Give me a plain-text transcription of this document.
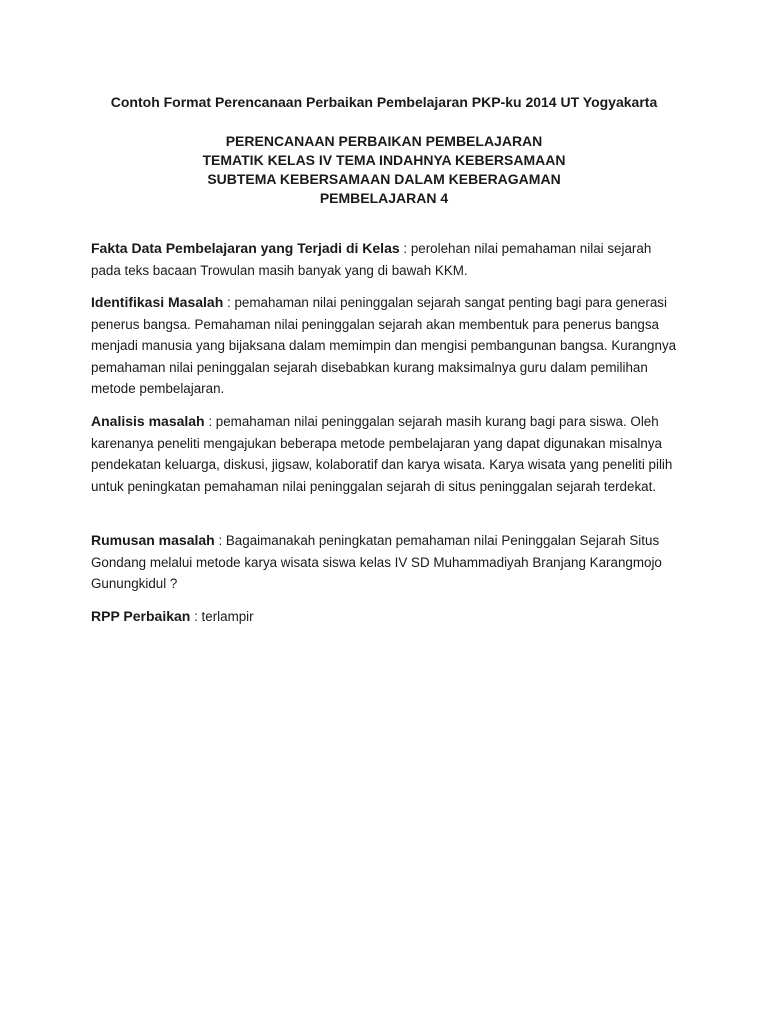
Contoh Format Perencanaan Perbaikan Pembelajaran PKP-ku 2014 UT Yogyakarta
PERENCANAAN PERBAIKAN PEMBELAJARAN
TEMATIK KELAS IV TEMA INDAHNYA KEBERSAMAAN
SUBTEMA KEBERSAMAAN DALAM KEBERAGAMAN
PEMBELAJARAN 4
Fakta Data Pembelajaran yang Terjadi di Kelas : perolehan nilai pemahaman nilai sejarah pada teks bacaan Trowulan masih banyak yang di bawah KKM.
Identifikasi Masalah : pemahaman nilai peninggalan sejarah sangat penting bagi para generasi penerus bangsa. Pemahaman nilai peninggalan sejarah akan membentuk para penerus bangsa menjadi manusia yang bijaksana dalam memimpin dan mengisi pembangunan bangsa. Kurangnya pemahaman nilai peninggalan sejarah disebabkan kurang maksimalnya guru dalam pemilihan metode pembelajaran.
Analisis masalah : pemahaman nilai peninggalan sejarah masih kurang bagi para siswa. Oleh karenanya peneliti mengajukan beberapa metode pembelajaran yang dapat digunakan misalnya pendekatan keluarga, diskusi, jigsaw, kolaboratif dan karya wisata. Karya wisata yang peneliti pilih untuk peningkatan pemahaman nilai peninggalan sejarah di situs peninggalan sejarah terdekat.
Rumusan masalah : Bagaimanakah peningkatan pemahaman nilai Peninggalan Sejarah Situs Gondang melalui metode karya wisata siswa kelas IV SD Muhammadiyah Branjang Karangmojo Gunungkidul ?
RPP Perbaikan : terlampir
